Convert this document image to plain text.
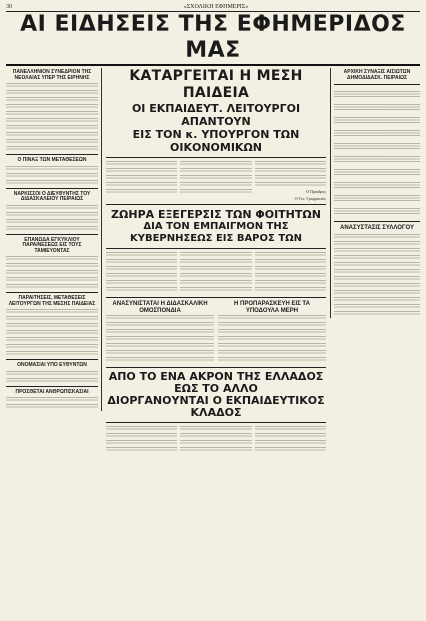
30	«ΣΧΟΛΙΚΗ ΕΦΗΜΕΡΙΣ»
ΑΙ ΕΙΔΗΣΕΙΣ ΤΗΣ ΕΦΗΜΕΡΙΔΟΣ ΜΑΣ
ΠΑΝΕΛΛΗΝΙΟΝ ΣΥΝΕΔΡΙΟΝ ΤΗΣ ΝΕΟΛΑΙΑΣ ΥΠΕΡ ΤΗΣ ΕΙΡΗΝΗΣ

Ο ΠΙΝΑΞ ΤΩΝ ΜΕΤΑΘΕΣΕΩΝ

ΝΑΡΚΙΣΣΟΙ Ο ΔΙΕΥΘΥΝΤΗΣ ΤΟΥ ΔΙΔΑΣΚΑΛΕΙΟΥ ΠΕΙΡΑΙΩΣ

ΕΠΑΝΩΔΑ ΕΓΚΥΚΛΙΟΥ ΠΑΡΑΙΝΕΣΕΩΣ ΕΙΣ ΤΟΥΣ ΤΑΜΙΕΥΟΝΤΑΣ

ΠΑΡΑΙΤΗΣΕΙΣ, ΜΕΤΑΘΕΣΕΙΣ ΛΕΙΤΟΥΡΓΩΝ ΤΗΣ ΜΕΣΗΣ ΠΑΙΔΕΙΑΣ

ΟΝΟΜΑΣΙΑΙ ΥΠΟ ΕΥΘΥΝΤΩΝ

ΠΡΟΣΘΕΤΑΙ ΑΝΘΡΩΠΙΣΚΑΣΙΑΙ

ΚΑΤΑΡΓΕΙΤΑΙ Η ΜΕΣΗ ΠΑΙΔΕΙΑ
ΟΙ ΕΚΠΑΙΔΕΥΤ. ΛΕΙΤΟΥΡΓΟΙ ΑΠΑΝΤΟΥΝ
ΕΙΣ ΤΟΝ κ. ΥΠΟΥΡΓΟΝ ΤΩΝ ΟΙΚΟΝΟΜΙΚΩΝ

Ο Πρόεδρος
Ο Γεν. Γραμματεύς
ΖΩΗΡΑ ΕΞΕΓΕΡΣΙΣ ΤΩΝ ΦΟΙΤΗΤΩΝ
ΔΙΑ ΤΟΝ ΕΜΠΑΙΓΜΟΝ ΤΗΣ ΚΥΒΕΡΝΗΣΕΩΣ ΕΙΣ ΒΑΡΟΣ ΤΩΝ

ΑΝΑΣΥΝΙΣΤΑΤΑΙ Η ΔΙΔΑΣΚΑΛΙΚΗ ΟΜΟΣΠΟΝΔΙΑ

Η ΠΡΟΠΑΡΑΣΚΕΥΗ ΕΙΣ ΤΑ ΥΠΟΔΟΥΛΑ ΜΕΡΗ

ΑΠΟ ΤΟ ΕΝΑ ΑΚΡΟΝ ΤΗΣ ΕΛΛΑΔΟΣ ΕΩΣ ΤΟ ΑΛΛΟ
ΔΙΟΡΓΑΝΟΥΝΤΑΙ Ο ΕΚΠΑΙΔΕΥΤΙΚΟΣ ΚΛΑΔΟΣ

ΑΡΧΙΚΗ ΣΥΝΑΞΙΣ ΑΙΣΙΩΤΩΝ ΔΗΜΟΔΙΔΑΣΚ. ΠΕΙΡΑΙΩΣ

ΑΝΑΣΥΣΤΑΣΙΣ ΣΥΛΛΟΓΟΥ
